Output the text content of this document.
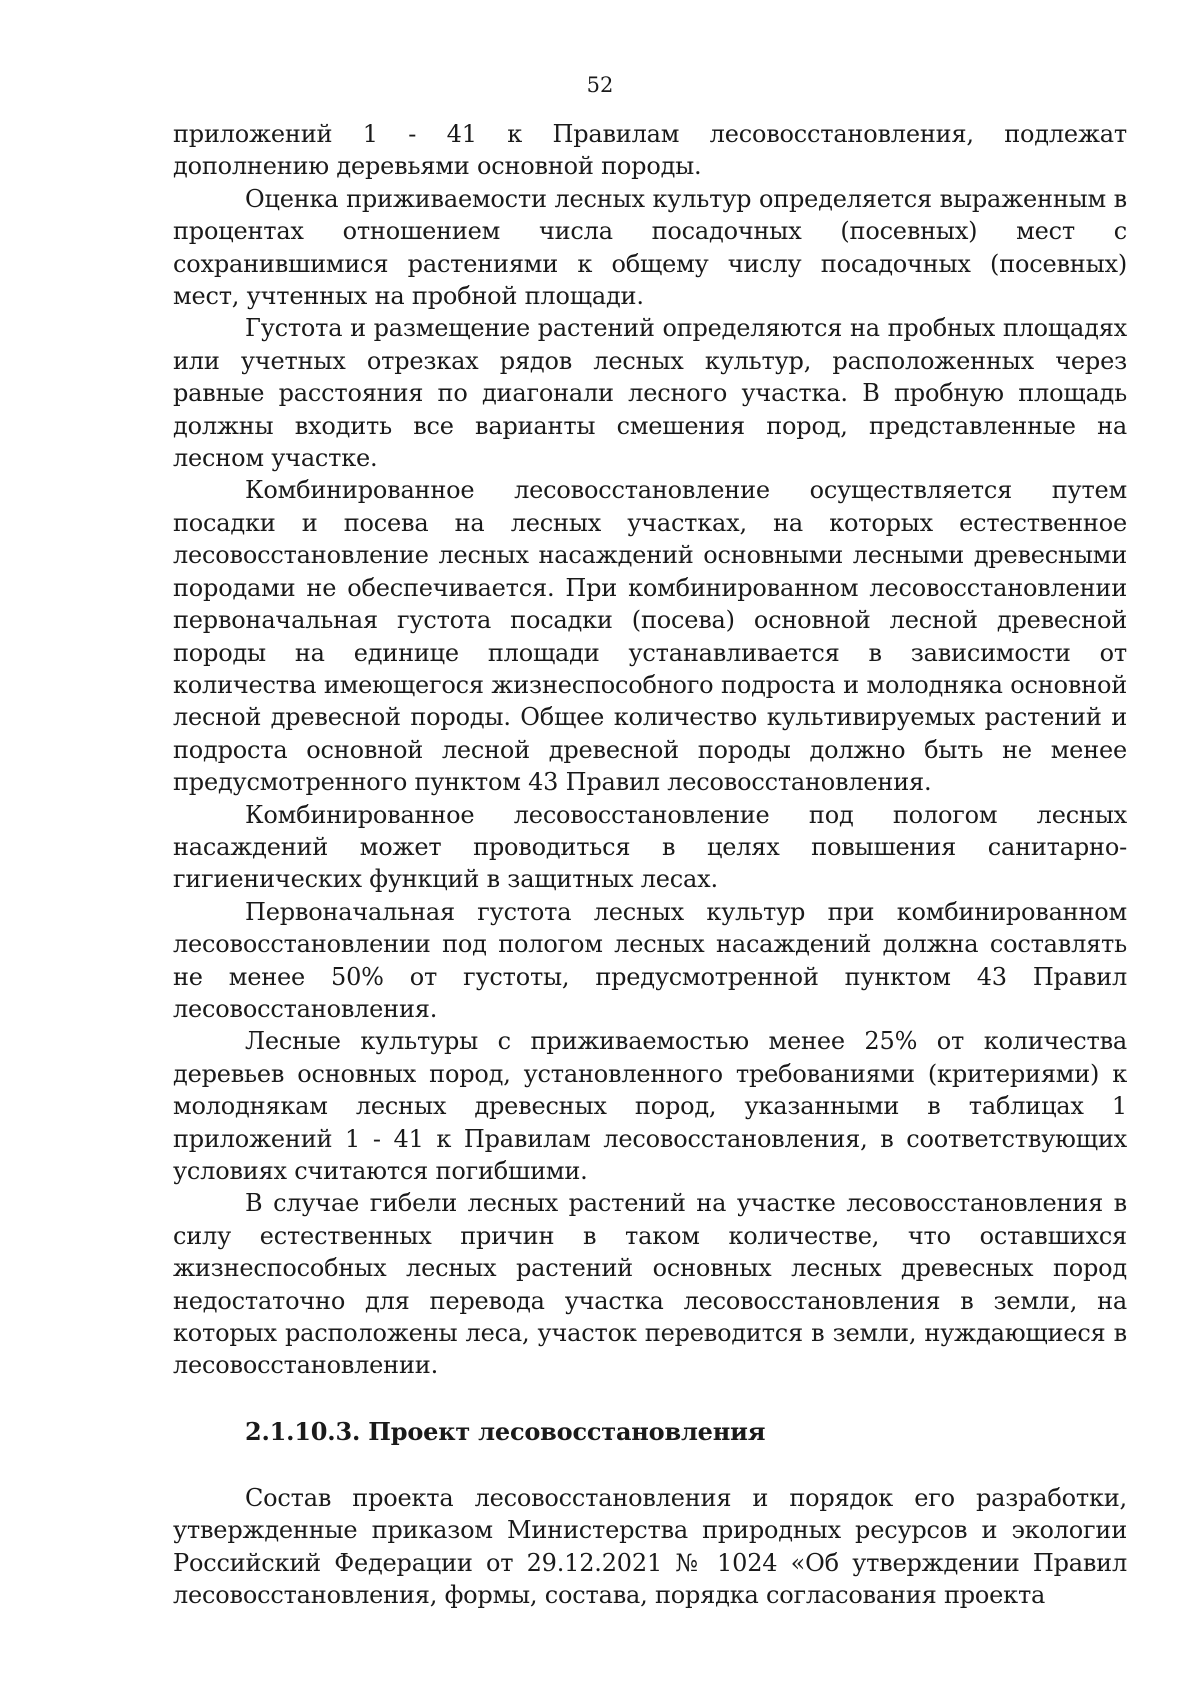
52

приложений 1 - 41 к Правилам лесовосстановления, подлежат дополнению деревьями основной породы.

Оценка приживаемости лесных культур определяется выраженным в процентах отношением числа посадочных (посевных) мест с сохранившимися растениями к общему числу посадочных (посевных) мест, учтенных на пробной площади.

Густота и размещение растений определяются на пробных площадях или учетных отрезках рядов лесных культур, расположенных через равные расстояния по диагонали лесного участка. В пробную площадь должны входить все варианты смешения пород, представленные на лесном участке.

Комбинированное лесовосстановление осуществляется путем посадки и посева на лесных участках, на которых естественное лесовосстановление лесных насаждений основными лесными древесными породами не обеспечивается. При комбинированном лесовосстановлении первоначальная густота посадки (посева) основной лесной древесной породы на единице площади устанавливается в зависимости от количества имеющегося жизнеспособного подроста и молодняка основной лесной древесной породы. Общее количество культивируемых растений и подроста основной лесной древесной породы должно быть не менее предусмотренного пунктом 43 Правил лесовосстановления.

Комбинированное лесовосстановление под пологом лесных насаждений может проводиться в целях повышения санитарно-гигиенических функций в защитных лесах.

Первоначальная густота лесных культур при комбинированном лесовосстановлении под пологом лесных насаждений должна составлять не менее 50% от густоты, предусмотренной пунктом 43 Правил лесовосстановления.

Лесные культуры с приживаемостью менее 25% от количества деревьев основных пород, установленного требованиями (критериями) к молоднякам лесных древесных пород, указанными в таблицах 1 приложений 1 - 41 к Правилам лесовосстановления, в соответствующих условиях считаются погибшими.

В случае гибели лесных растений на участке лесовосстановления в силу естественных причин в таком количестве, что оставшихся жизнеспособных лесных растений основных лесных древесных пород недостаточно для перевода участка лесовосстановления в земли, на которых расположены леса, участок переводится в земли, нуждающиеся в лесовосстановлении.

2.1.10.3. Проект лесовосстановления

Состав проекта лесовосстановления и порядок его разработки, утвержденные приказом Министерства природных ресурсов и экологии Российский Федерации от 29.12.2021 № 1024 «Об утверждении Правил лесовосстановления, формы, состава, порядка согласования проекта
